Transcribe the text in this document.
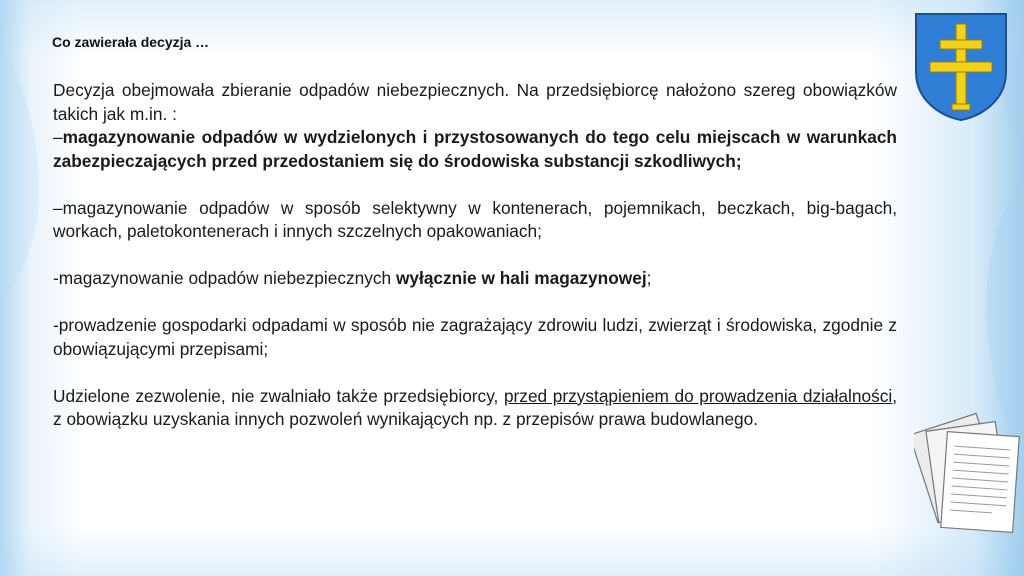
Co zawierała decyzja …

Decyzja obejmowała zbieranie odpadów niebezpiecznych. Na przedsiębiorcę nałożono szereg obowiązków takich jak m.in. :

–magazynowanie odpadów w wydzielonych i przystosowanych do tego celu miejscach w warunkach zabezpieczających przed przedostaniem się do środowiska substancji szkodliwych;

–magazynowanie odpadów w sposób selektywny w kontenerach, pojemnikach, beczkach, big-bagach, workach, paletokontenerach i innych szczelnych opakowaniach;

-magazynowanie odpadów niebezpiecznych wyłącznie w hali magazynowej;

-prowadzenie gospodarki odpadami w sposób nie zagrażający zdrowiu ludzi, zwierząt i środowiska, zgodnie z obowiązującymi przepisami;

Udzielone zezwolenie, nie zwalniało także przedsiębiorcy, przed przystąpieniem do prowadzenia działalności, z obowiązku uzyskania innych pozwoleń wynikających np. z przepisów prawa budowlanego.
